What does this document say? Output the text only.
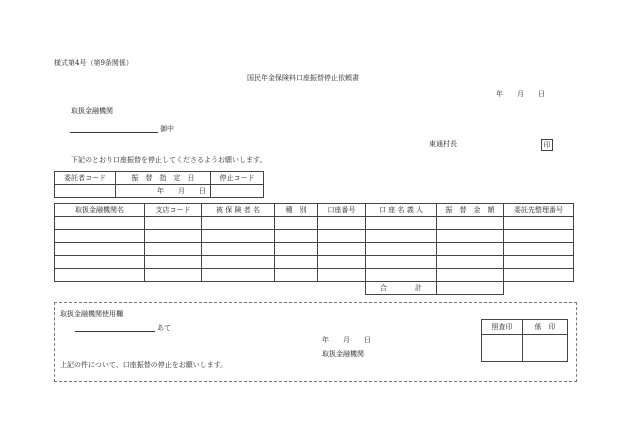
様式第4号（第9条関係）
国民年金保険料口座振替停止依頼書
年　　月　　日
取扱金融機関
御中
東通村長	印
下記のとおり口座振替を停止してくださるようお願いします。
委託者コード	振　替　指　定　日	停止コード
	年　　月　　日	
取扱金融機関名	支店コード	被 保 険 者 名	種　別	口座番号	口 座 名 義 人	振　替　金　額	委託先整理番号

					合　　　　計		
取扱金融機関使用欄
あて
年　　月　　日
取扱金融機関
上記の件について、口座振替の停止をお願いします。
照査印	係　印
